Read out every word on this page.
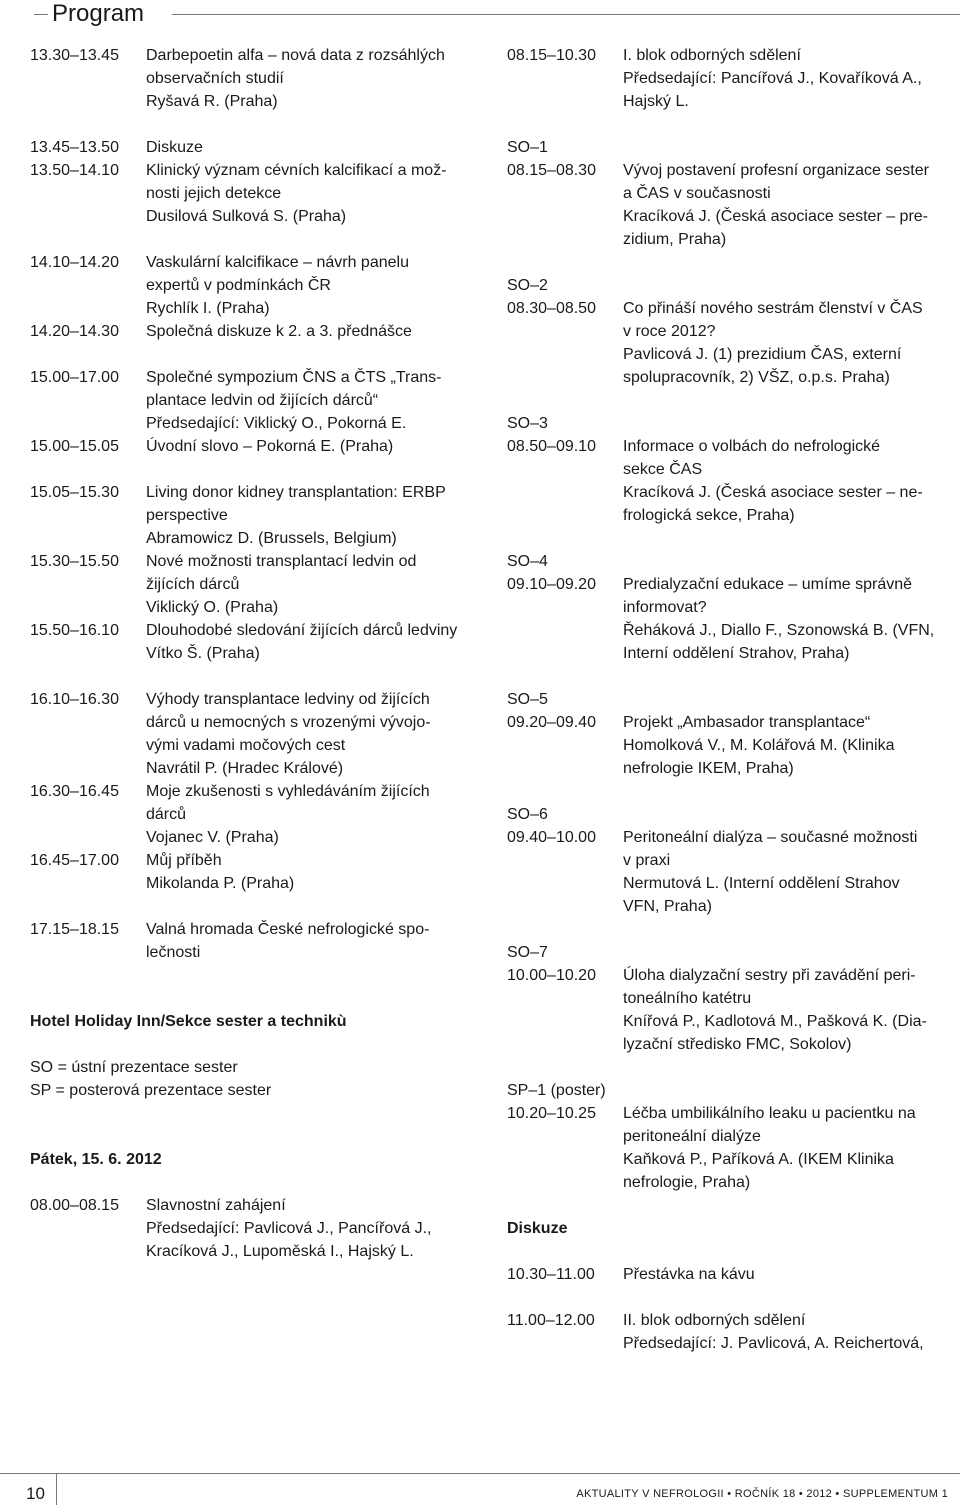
Program
13.30–13.45	Darbepoetin alfa – nová data z rozsáhlých
observačních studií
Ryšavá R. (Praha)
13.45–13.50	Diskuze
13.50–14.10	Klinický význam cévních kalcifikací a mož-
nosti jejich detekce
Dusilová Sulková S. (Praha)
14.10–14.20	Vaskulární kalcifikace – návrh panelu
expertů v podmínkách ČR
Rychlík I. (Praha)
14.20–14.30	Společná diskuze k 2. a 3. přednášce
15.00–17.00	Společné sympozium ČNS a ČTS „Trans-
plantace ledvin od žijících dárců“
Předsedající: Viklický O., Pokorná E.
15.00–15.05	Úvodní slovo – Pokorná E. (Praha)
15.05–15.30	Living donor kidney transplantation: ERBP
perspective
Abramowicz D. (Brussels, Belgium)
15.30–15.50	Nové možnosti transplantací ledvin od
žijících dárců
Viklický O. (Praha)
15.50–16.10	Dlouhodobé sledování žijících dárců ledviny
Vítko Š. (Praha)
16.10–16.30	Výhody transplantace ledviny od žijících
dárců u nemocných s vrozenými vývojo-
vými vadami močových cest
Navrátil P. (Hradec Králové)
16.30–16.45	Moje zkušenosti s vyhledáváním žijících
dárců
Vojanec V. (Praha)
16.45–17.00	Můj příběh
Mikolanda P. (Praha)
17.15–18.15	Valná hromada České nefrologické spo-
lečnosti
Hotel Holiday Inn/Sekce sester a technikù
SO = ústní prezentace sester
SP = posterová prezentace sester
Pátek, 15. 6. 2012
08.00–08.15	Slavnostní zahájení
Předsedající: Pavlicová J., Pancířová J.,
Kracíková J., Lupoměská I., Hajský L.
08.15–10.30	I. blok odborných sdělení
Předsedající: Pancířová J., Kovaříková A.,
Hajský L.
SO–1
08.15–08.30	Vývoj postavení profesní organizace sester
a ČAS v současnosti
Kracíková J. (Česká asociace sester – pre-
zidium, Praha)
SO–2
08.30–08.50	Co přináší nového sestrám členství v ČAS
v roce 2012?
Pavlicová J. (1) prezidium ČAS, externí
spolupracovník, 2) VŠZ, o.p.s. Praha)
SO–3
08.50–09.10	Informace o volbách do nefrologické
sekce ČAS
Kracíková J. (Česká asociace sester – ne-
frologická sekce, Praha)
SO–4
09.10–09.20	Predialyzační edukace – umíme správně
informovat?
Řeháková J., Diallo F., Szonowská B. (VFN,
Interní oddělení Strahov, Praha)
SO–5
09.20–09.40	Projekt „Ambasador transplantace“
Homolková V., M. Kolářová M. (Klinika
nefrologie IKEM, Praha)
SO–6
09.40–10.00	Peritoneální dialýza – současné možnosti
v praxi
Nermutová L. (Interní oddělení Strahov
VFN, Praha)
SO–7
10.00–10.20	Úloha dialyzační sestry při zavádění peri-
toneálního katétru
Knířová P., Kadlotová M., Pašková K. (Dia-
lyzační středisko FMC, Sokolov)
SP–1 (poster)
10.20–10.25	Léčba umbilikálního leaku u pacientku na
peritoneální dialýze
Kaňková P., Paříková A. (IKEM Klinika
nefrologie, Praha)
Diskuze
10.30–11.00	Přestávka na kávu
11.00–12.00	II. blok odborných sdělení
Předsedající: J. Pavlicová, A. Reichertová,
10	AKTUALITY V NEFROLOGII • ROČNÍK 18 • 2012 • SUPPLEMENTUM 1
